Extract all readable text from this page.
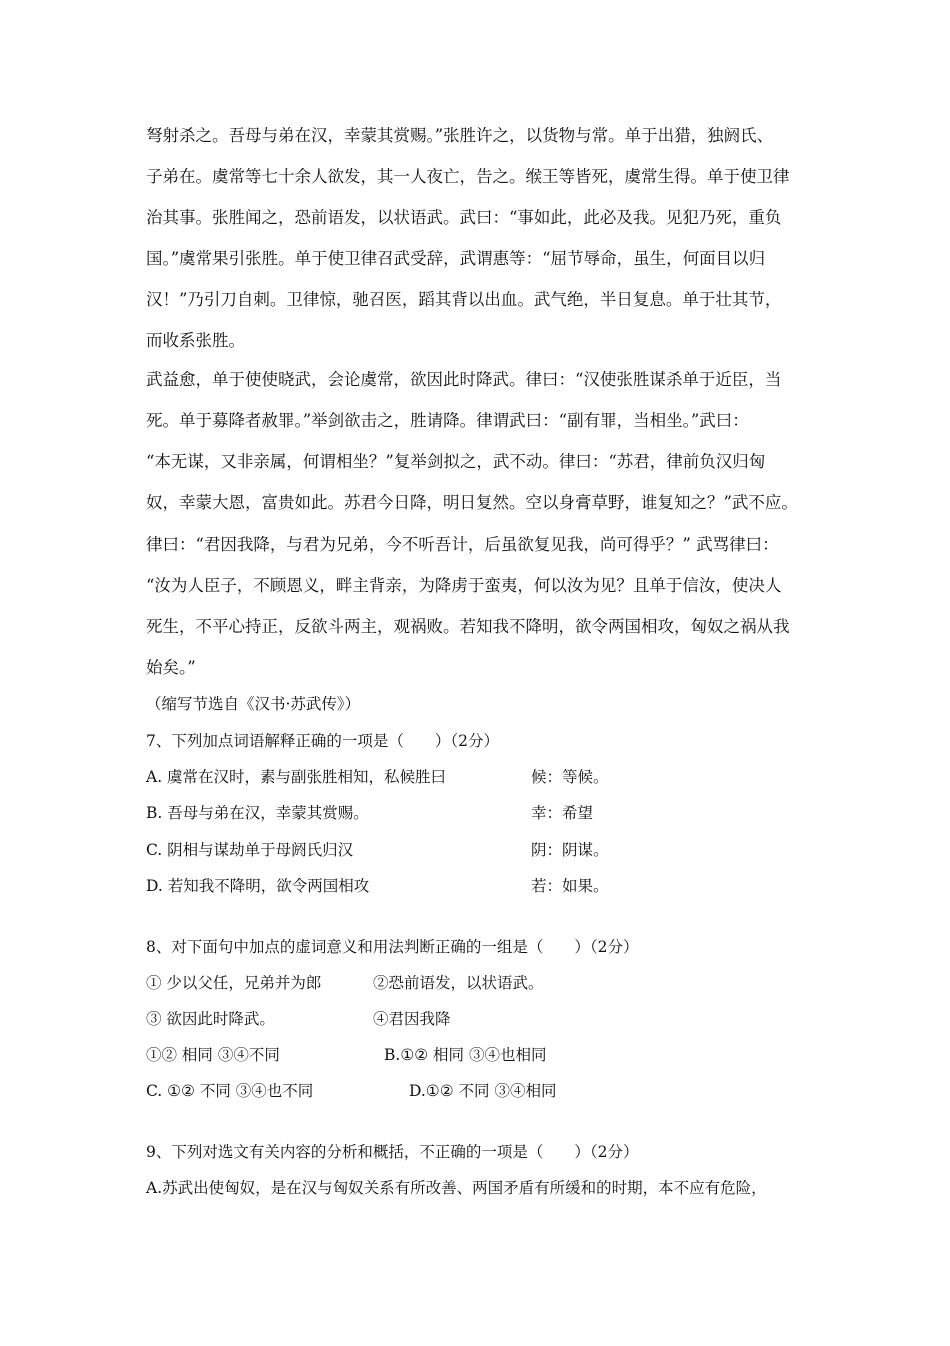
弩射杀之。吾母与弟在汉，幸蒙其赏赐。”张胜许之，以货物与常。单于出猎，独阏氏、
子弟在。虞常等七十余人欲发，其一人夜亡，告之。缑王等皆死，虞常生得。单于使卫律
治其事。张胜闻之，恐前语发，以状语武。武曰：“事如此，此必及我。见犯乃死，重负
国。”虞常果引张胜。单于使卫律召武受辞，武谓惠等：“屈节辱命，虽生，何面目以归
汉！”乃引刀自刺。卫律惊，驰召医，蹈其背以出血。武气绝，半日复息。单于壮其节，
而收系张胜。
武益愈，单于使使晓武，会论虞常，欲因此时降武。律曰：“汉使张胜谋杀单于近臣，当
死。单于募降者赦罪。”举剑欲击之，胜请降。律谓武曰：“副有罪，当相坐。”武曰：
“本无谋，又非亲属，何谓相坐？”复举剑拟之，武不动。律曰：“苏君，律前负汉归匈
奴，幸蒙大恩，富贵如此。苏君今日降，明日复然。空以身膏草野，谁复知之？”武不应。
律曰：“君因我降，与君为兄弟，今不听吾计，后虽欲复见我，尚可得乎？” 武骂律曰：
“汝为人臣子，不顾恩义，畔主背亲，为降虏于蛮夷，何以汝为见？且单于信汝，使决人
死生，不平心持正，反欲斗两主，观祸败。若知我不降明，欲令两国相攻，匈奴之祸从我
始矣。”
（缩写节选自《汉书·苏武传》）
7、下列加点词语解释正确的一项是（　　）（2分）
A. 虞常在汉时，素与副张胜相知，私候胜曰	候：等候。
B. 吾母与弟在汉，幸蒙其赏赐。	幸：希望
C. 阴相与谋劫单于母阏氏归汉	阴：阴谋。
D. 若知我不降明，欲令两国相攻	若：如果。
8、对下面句中加点的虚词意义和用法判断正确的一组是（　　）（2分）
① 少以父任，兄弟并为郎	②恐前语发，以状语武。
③ 欲因此时降武。	④君因我降
①② 相同 ③④不同	B.①② 相同 ③④也相同
C. ①② 不同 ③④也不同	D.①② 不同 ③④相同
9、下列对选文有关内容的分析和概括，不正确的一项是（　　）（2分）
A.苏武出使匈奴，是在汉与匈奴关系有所改善、两国矛盾有所缓和的时期，本不应有危险，
